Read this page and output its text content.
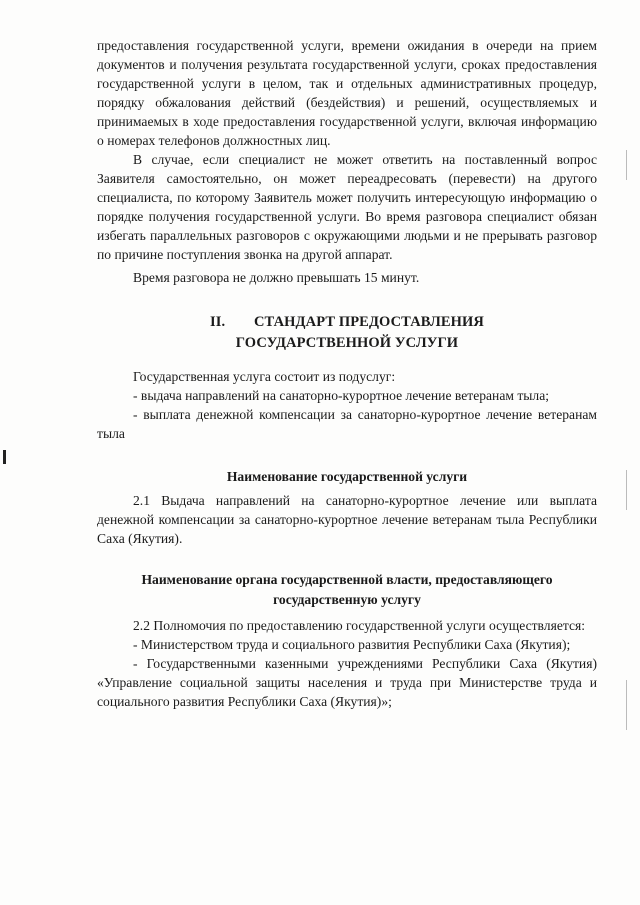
предоставления государственной услуги, времени ожидания в очереди на прием документов и получения результата государственной услуги, сроках предоставления государственной услуги в целом, так и отдельных административных процедур, порядку обжалования действий (бездействия) и решений, осуществляемых и принимаемых в ходе предоставления государственной услуги, включая информацию о номерах телефонов должностных лиц.

В случае, если специалист не может ответить на поставленный вопрос Заявителя самостоятельно, он может переадресовать (перевести) на другого специалиста, по которому Заявитель может получить интересующую информацию о порядке получения государственной услуги. Во время разговора специалист обязан избегать параллельных разговоров с окружающими людьми и не прерывать разговор по причине поступления звонка на другой аппарат.

Время разговора не должно превышать 15 минут.

II. СТАНДАРТ ПРЕДОСТАВЛЕНИЯ
ГОСУДАРСТВЕННОЙ УСЛУГИ

Государственная услуга состоит из подуслуг:

- выдача направлений на санаторно-курортное лечение ветеранам тыла;

- выплата денежной компенсации за санаторно-курортное лечение ветеранам тыла

Наименование государственной услуги

2.1 Выдача направлений на санаторно-курортное лечение или выплата денежной компенсации за санаторно-курортное лечение ветеранам тыла Республики Саха (Якутия).

Наименование органа государственной власти, предоставляющего
государственную услугу

2.2 Полномочия по предоставлению государственной услуги осуществляется:

- Министерством труда и социального развития Республики Саха (Якутия);

- Государственными казенными учреждениями Республики Саха (Якутия) «Управление социальной защиты населения и труда при Министерстве труда и социального развития Республики Саха (Якутия)»;
